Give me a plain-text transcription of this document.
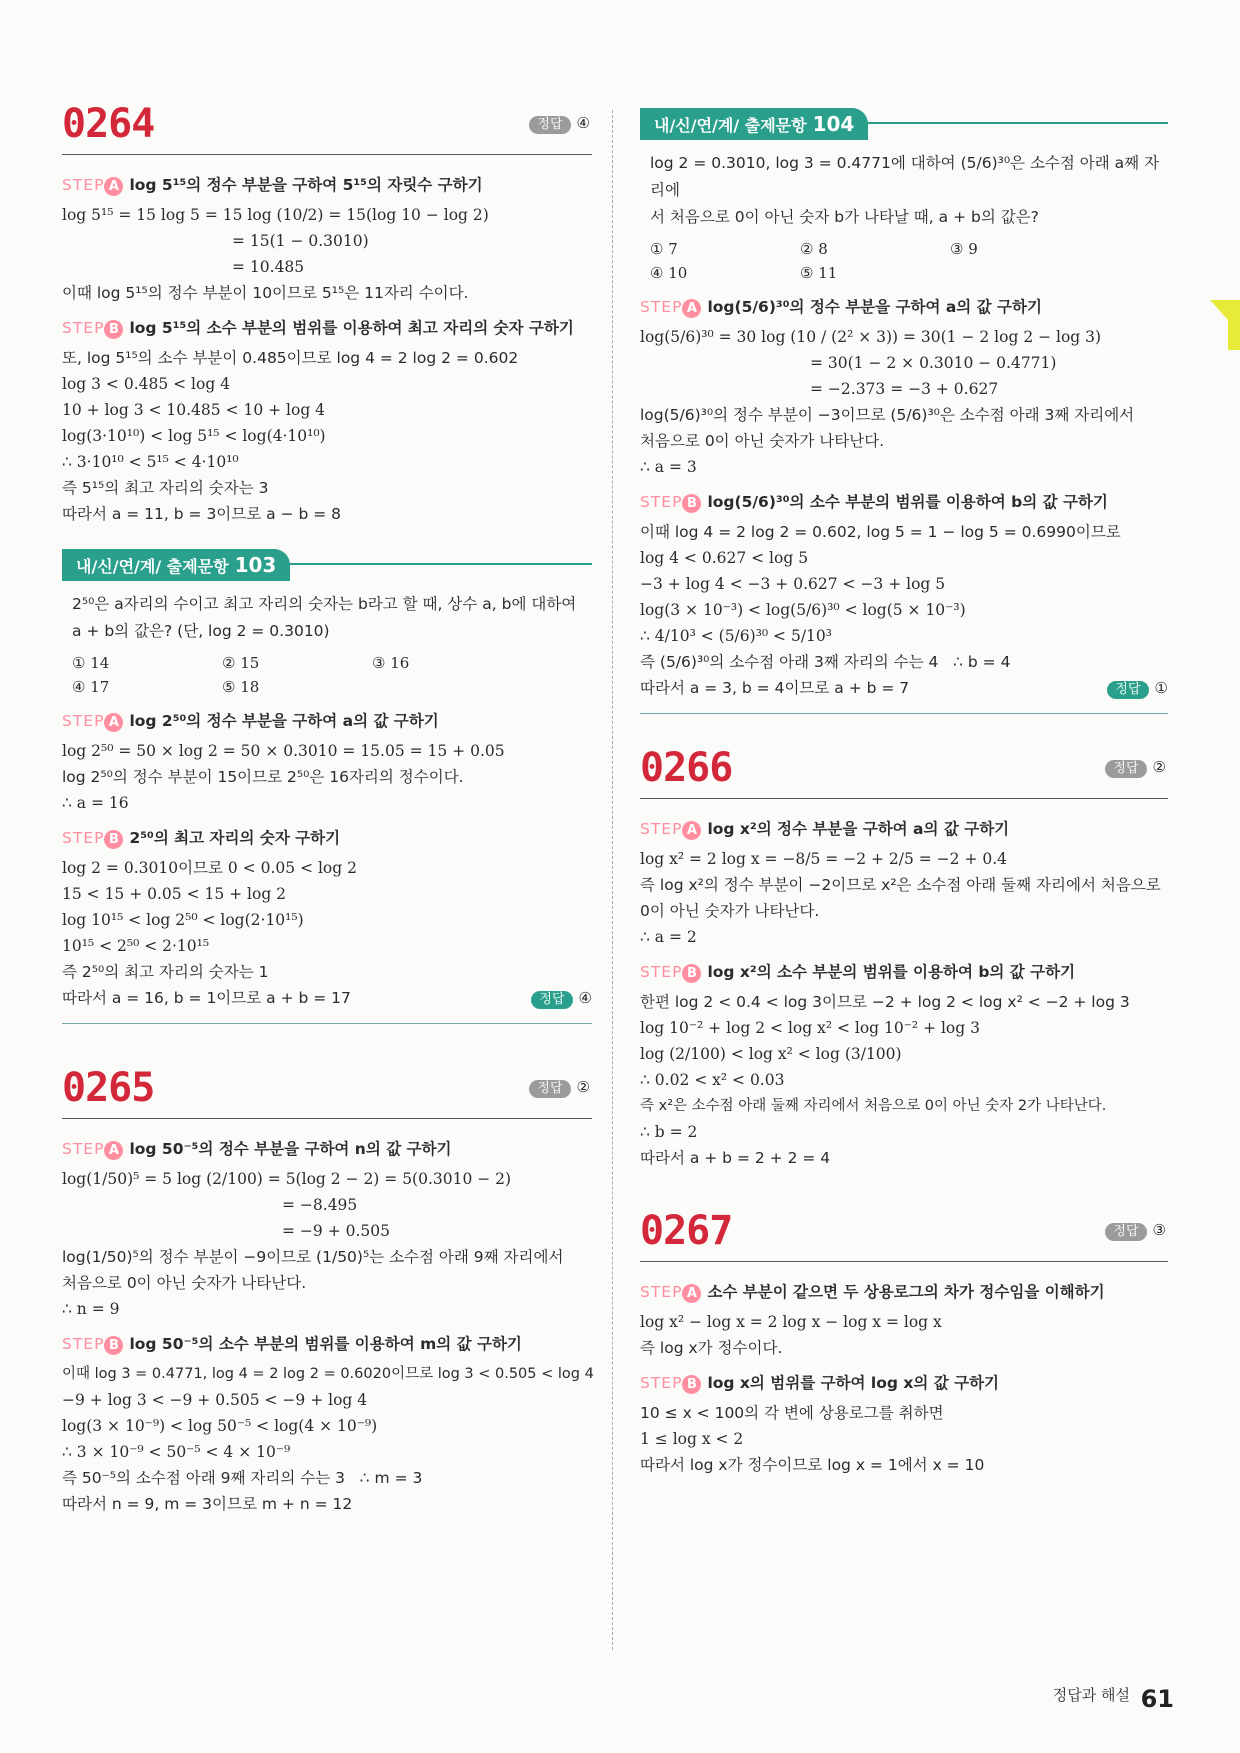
0264	정답 ④
STEP A log 5¹⁵의 정수 부분을 구하여 5¹⁵의 자릿수 구하기
log 5¹⁵ = 15 log 5 = 15 log (10/2) = 15(log 10 − log 2)
= 15(1 − 0.3010)
= 10.485
이때 log 5¹⁵의 정수 부분이 10이므로 5¹⁵은 11자리 수이다.
STEP B log 5¹⁵의 소수 부분의 범위를 이용하여 최고 자리의 숫자 구하기
또, log 5¹⁵의 소수 부분이 0.485이므로 log 4 = 2 log 2 = 0.602
log 3 < 0.485 < log 4
10 + log 3 < 10.485 < 10 + log 4
log(3·10¹⁰) < log 5¹⁵ < log(4·10¹⁰)
∴ 3·10¹⁰ < 5¹⁵ < 4·10¹⁰
즉 5¹⁵의 최고 자리의 숫자는 3
따라서 a = 11, b = 3이므로 a − b = 8
내/신/연/계/ 출제문항 103
2⁵⁰은 a자리의 수이고 최고 자리의 숫자는 b라고 할 때, 상수 a, b에 대하여
a + b의 값은? (단, log 2 = 0.3010)
① 14	② 15	③ 16
④ 17	⑤ 18
STEP A log 2⁵⁰의 정수 부분을 구하여 a의 값 구하기
log 2⁵⁰ = 50 × log 2 = 50 × 0.3010 = 15.05 = 15 + 0.05
log 2⁵⁰의 정수 부분이 15이므로 2⁵⁰은 16자리의 정수이다.
∴ a = 16
STEP B 2⁵⁰의 최고 자리의 숫자 구하기
log 2 = 0.3010이므로 0 < 0.05 < log 2
15 < 15 + 0.05 < 15 + log 2
log 10¹⁵ < log 2⁵⁰ < log(2·10¹⁵)
10¹⁵ < 2⁵⁰ < 2·10¹⁵
즉 2⁵⁰의 최고 자리의 숫자는 1
따라서 a = 16, b = 1이므로 a + b = 17	정답 ④
0265	정답 ②
STEP A log 50⁻⁵의 정수 부분을 구하여 n의 값 구하기
log(1/50)⁵ = 5 log (2/100) = 5(log 2 − 2) = 5(0.3010 − 2)
= −8.495
= −9 + 0.505
log(1/50)⁵의 정수 부분이 −9이므로 (1/50)⁵는 소수점 아래 9째 자리에서
처음으로 0이 아닌 숫자가 나타난다.
∴ n = 9
STEP B log 50⁻⁵의 소수 부분의 범위를 이용하여 m의 값 구하기
이때 log 3 = 0.4771, log 4 = 2 log 2 = 0.6020이므로 log 3 < 0.505 < log 4
−9 + log 3 < −9 + 0.505 < −9 + log 4
log(3 × 10⁻⁹) < log 50⁻⁵ < log(4 × 10⁻⁹)
∴ 3 × 10⁻⁹ < 50⁻⁵ < 4 × 10⁻⁹
즉 50⁻⁵의 소수점 아래 9째 자리의 수는 3   ∴ m = 3
따라서 n = 9, m = 3이므로 m + n = 12
내/신/연/계/ 출제문항 104
log 2 = 0.3010, log 3 = 0.4771에 대하여 (5/6)³⁰은 소수점 아래 a째 자리에
서 처음으로 0이 아닌 숫자 b가 나타날 때, a + b의 값은?
① 7	② 8	③ 9
④ 10	⑤ 11
STEP A log(5/6)³⁰의 정수 부분을 구하여 a의 값 구하기
log(5/6)³⁰ = 30 log (10 / (2² × 3)) = 30(1 − 2 log 2 − log 3)
= 30(1 − 2 × 0.3010 − 0.4771)
= −2.373 = −3 + 0.627
log(5/6)³⁰의 정수 부분이 −3이므로 (5/6)³⁰은 소수점 아래 3째 자리에서
처음으로 0이 아닌 숫자가 나타난다.
∴ a = 3
STEP B log(5/6)³⁰의 소수 부분의 범위를 이용하여 b의 값 구하기
이때 log 4 = 2 log 2 = 0.602, log 5 = 1 − log 5 = 0.6990이므로
log 4 < 0.627 < log 5
−3 + log 4 < −3 + 0.627 < −3 + log 5
log(3 × 10⁻³) < log(5/6)³⁰ < log(5 × 10⁻³)
∴ 4/10³ < (5/6)³⁰ < 5/10³
즉 (5/6)³⁰의 소수점 아래 3째 자리의 수는 4   ∴ b = 4
따라서 a = 3, b = 4이므로 a + b = 7	정답 ①
0266	정답 ②
STEP A log x²의 정수 부분을 구하여 a의 값 구하기
log x² = 2 log x = −8/5 = −2 + 2/5 = −2 + 0.4
즉 log x²의 정수 부분이 −2이므로 x²은 소수점 아래 둘째 자리에서 처음으로
0이 아닌 숫자가 나타난다.
∴ a = 2
STEP B log x²의 소수 부분의 범위를 이용하여 b의 값 구하기
한편 log 2 < 0.4 < log 3이므로 −2 + log 2 < log x² < −2 + log 3
log 10⁻² + log 2 < log x² < log 10⁻² + log 3
log (2/100) < log x² < log (3/100)
∴ 0.02 < x² < 0.03
즉 x²은 소수점 아래 둘째 자리에서 처음으로 0이 아닌 숫자 2가 나타난다.
∴ b = 2
따라서 a + b = 2 + 2 = 4
0267	정답 ③
STEP A 소수 부분이 같으면 두 상용로그의 차가 정수임을 이해하기
log x² − log x = 2 log x − log x = log x
즉 log x가 정수이다.
STEP B log x의 범위를 구하여 log x의 값 구하기
10 ≤ x < 100의 각 변에 상용로그를 취하면
1 ≤ log x < 2
따라서 log x가 정수이므로 log x = 1에서 x = 10
정답과 해설 61
